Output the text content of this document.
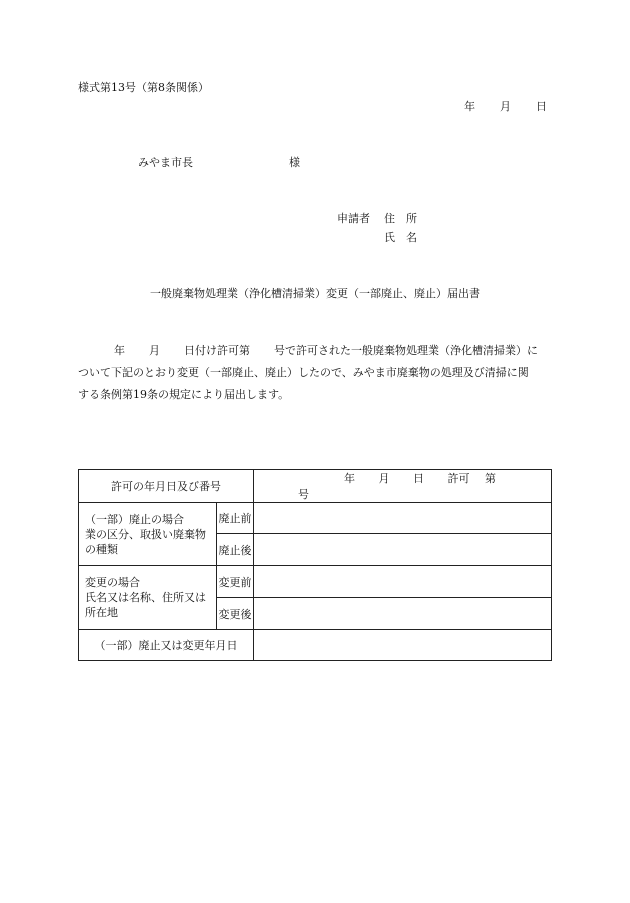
様式第13号（第8条関係）
年 月 日
みやま市長	様
申請者 住　所
氏　名
一般廃棄物処理業（浄化槽清掃業）変更（一部廃止、廃止）届出書
年 月 日付け許可第 号で許可された一般廃棄物処理業（浄化槽清掃業）に
ついて下記のとおり変更（一部廃止、廃止）したので、みやま市廃棄物の処理及び清掃に関
する条例第19条の規定により届出します。
許可の年月日及び番号		年 月 日 許可 第 号

（一部）廃止の場合
業の区分、取扱い廃棄物
の種類	廃止前	
	廃止後	

変更の場合
氏名又は名称、住所又は
所在地	変更前	
	変更後	
（一部）廃止又は変更年月日		
